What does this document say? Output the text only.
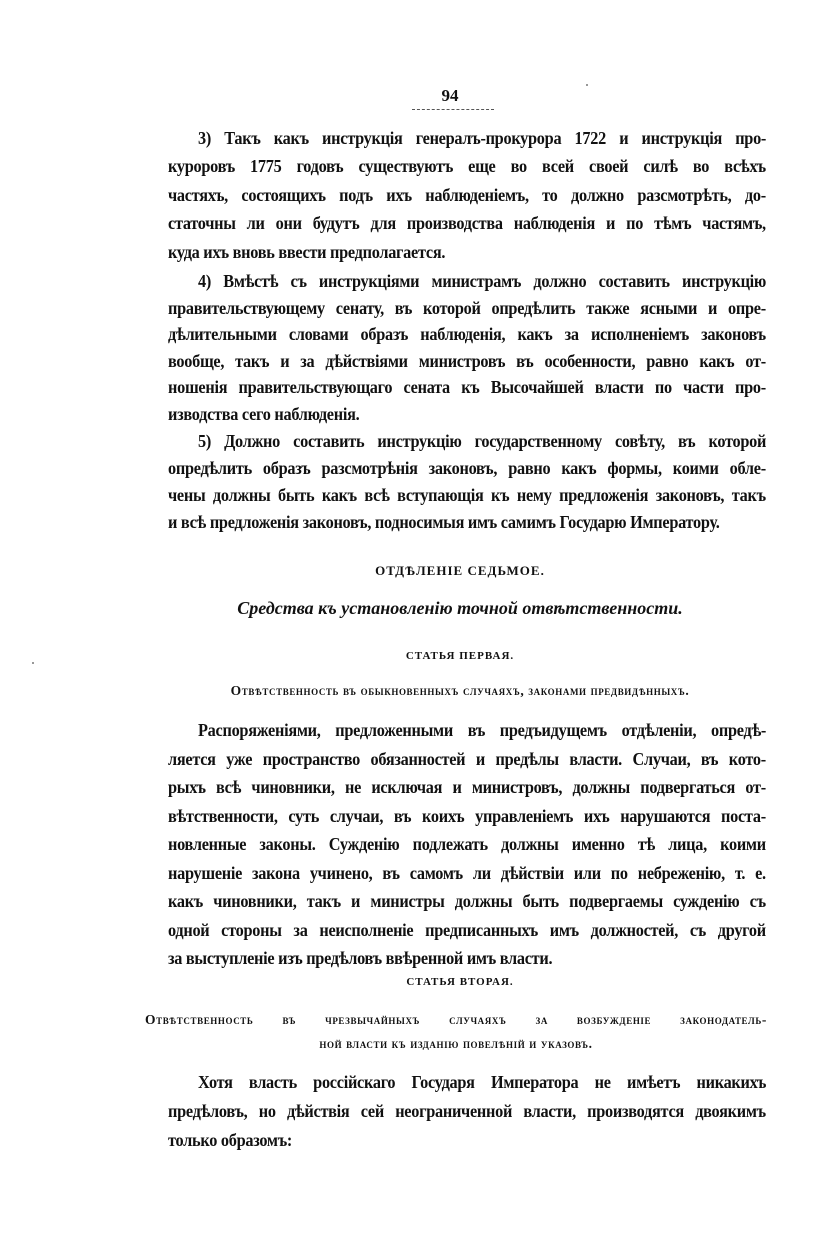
94
3) Такъ какъ инструкція генералъ-прокурора 1722 и инструкція про-
куроровъ 1775 годовъ существуютъ еще во всей своей силѣ во всѣхъ
частяхъ, состоящихъ подъ ихъ наблюденіемъ, то должно разсмотрѣть, до-
статочны ли они будутъ для производства наблюденія и по тѣмъ частямъ,
куда ихъ вновь ввести предполагается.
4) Вмѣстѣ съ инструкціями министрамъ должно составить инструкцію
правительствующему сенату, въ которой опредѣлить также ясными и опре-
дѣлительными словами образъ наблюденія, какъ за исполненіемъ законовъ
вообще, такъ и за дѣйствіями министровъ въ особенности, равно какъ от-
ношенія правительствующаго сената къ Высочайшей власти по части про-
изводства сего наблюденія.
5) Должно составить инструкцію государственному совѣту, въ которой
опредѣлить образъ разсмотрѣнія законовъ, равно какъ формы, коими обле-
чены должны быть какъ всѣ вступающія къ нему предложенія законовъ, такъ
и всѣ предложенія законовъ, подносимыя имъ самимъ Государю Императору.
ОТДѢЛЕНІЕ СЕДЬМОЕ.
Средства къ установленію точной отвѣтственности.
СТАТЬЯ ПЕРВАЯ.
Отвѣтственность въ обыкновенныхъ случаяхъ, законами предвидѣнныхъ.
Распоряженіями, предложенными въ предъидущемъ отдѣленіи, опредѣ-
ляется уже пространство обязанностей и предѣлы власти. Случаи, въ кото-
рыхъ всѣ чиновники, не исключая и министровъ, должны подвергаться от-
вѣтственности, суть случаи, въ коихъ управленіемъ ихъ нарушаются поста-
новленные законы. Сужденію подлежать должны именно тѣ лица, коими
нарушеніе закона учинено, въ самомъ ли дѣйствіи или по небреженію, т. е.
какъ чиновники, такъ и министры должны быть подвергаемы сужденію съ
одной стороны за неисполненіе предписанныхъ имъ должностей, съ другой
за выступленіе изъ предѣловъ ввѣренной имъ власти.
СТАТЬЯ ВТОРАЯ.
Отвѣтственность въ чрезвычайныхъ случаяхъ за возбужденіе законодатель-
ной власти къ изданію повелѣній и указовъ.
Хотя власть россійскаго Государя Императора не имѣетъ никакихъ
предѣловъ, но дѣйствія сей неограниченной власти, производятся двоякимъ
только образомъ:
